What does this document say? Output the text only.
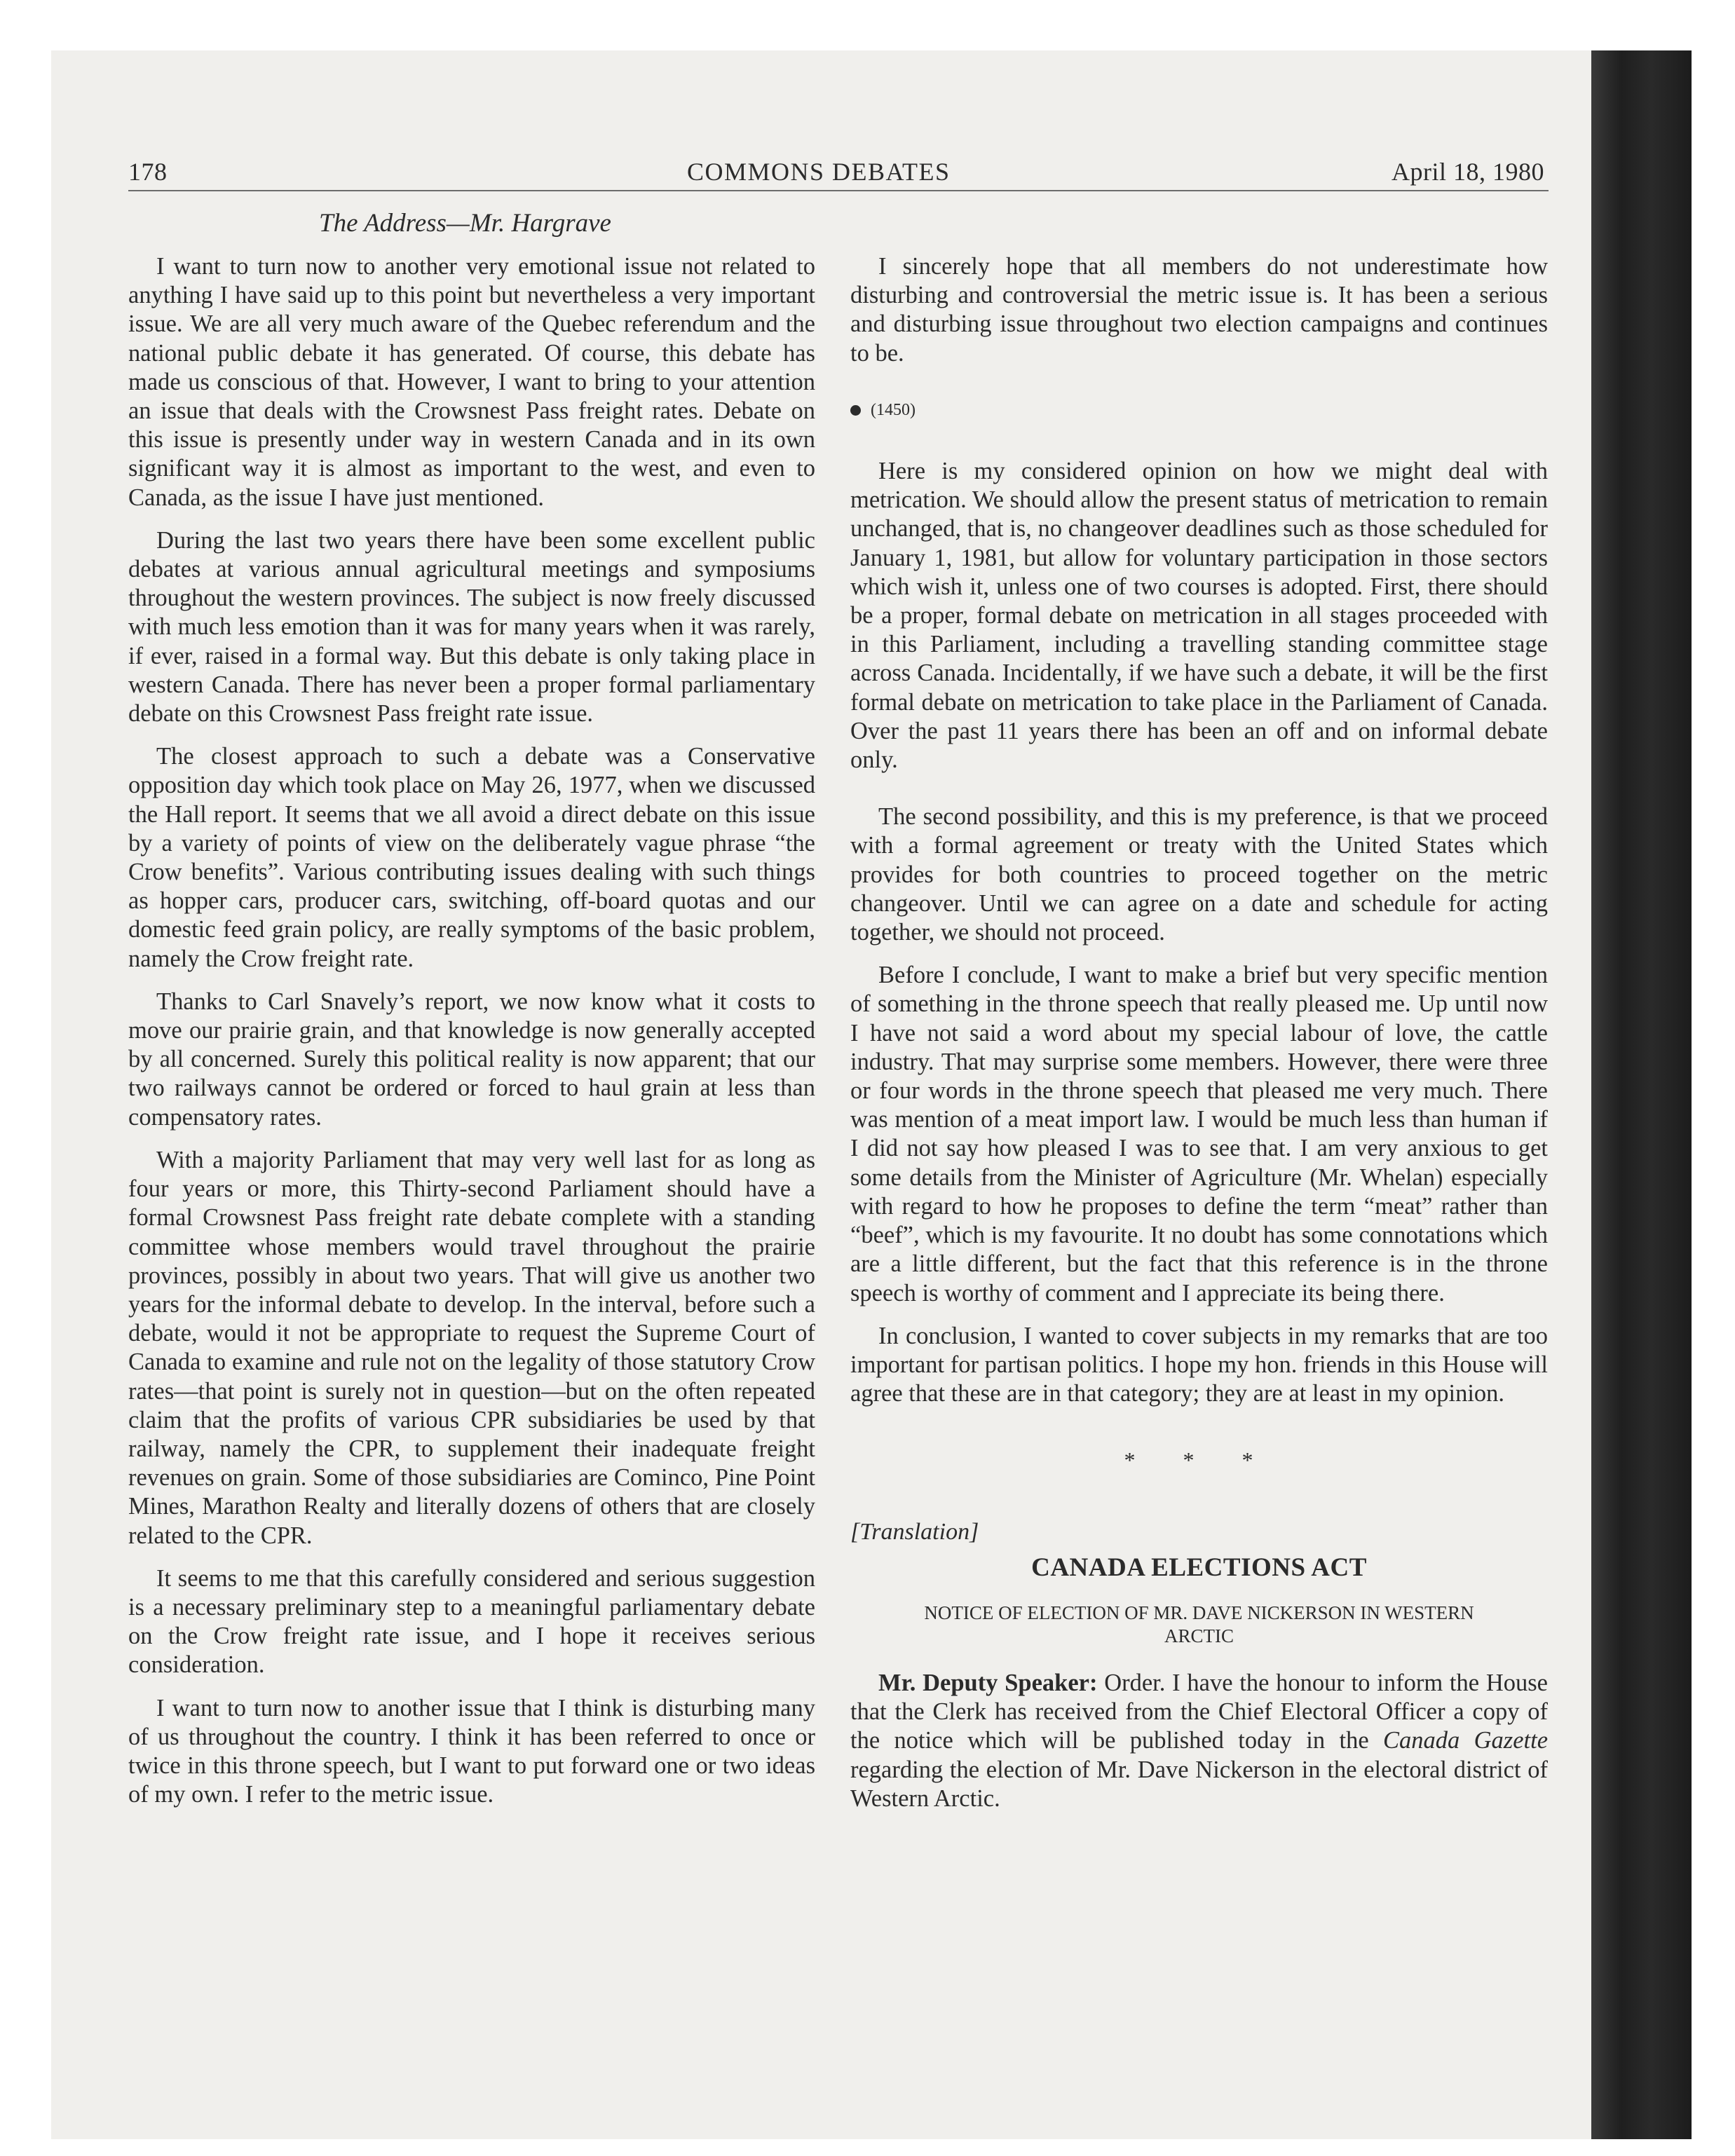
178	COMMONS DEBATES	April 18, 1980
The Address—Mr. Hargrave

I want to turn now to another very emotional issue not related to anything I have said up to this point but nevertheless a very important issue. We are all very much aware of the Quebec referendum and the national public debate it has generated. Of course, this debate has made us conscious of that. However, I want to bring to your attention an issue that deals with the Crowsnest Pass freight rates. Debate on this issue is presently under way in western Canada and in its own significant way it is almost as important to the west, and even to Canada, as the issue I have just mentioned.

During the last two years there have been some excellent public debates at various annual agricultural meetings and symposiums throughout the western provinces. The subject is now freely discussed with much less emotion than it was for many years when it was rarely, if ever, raised in a formal way. But this debate is only taking place in western Canada. There has never been a proper formal parliamentary debate on this Crowsnest Pass freight rate issue.

The closest approach to such a debate was a Conservative opposition day which took place on May 26, 1977, when we discussed the Hall report. It seems that we all avoid a direct debate on this issue by a variety of points of view on the deliberately vague phrase “the Crow benefits”. Various contributing issues dealing with such things as hopper cars, producer cars, switching, off-board quotas and our domestic feed grain policy, are really symptoms of the basic problem, namely the Crow freight rate.

Thanks to Carl Snavely’s report, we now know what it costs to move our prairie grain, and that knowledge is now generally accepted by all concerned. Surely this political reality is now apparent; that our two railways cannot be ordered or forced to haul grain at less than compensatory rates.

With a majority Parliament that may very well last for as long as four years or more, this Thirty-second Parliament should have a formal Crowsnest Pass freight rate debate complete with a standing committee whose members would travel throughout the prairie provinces, possibly in about two years. That will give us another two years for the informal debate to develop. In the interval, before such a debate, would it not be appropriate to request the Supreme Court of Canada to examine and rule not on the legality of those statutory Crow rates—that point is surely not in question—but on the often repeated claim that the profits of various CPR subsidiaries be used by that railway, namely the CPR, to supplement their inadequate freight revenues on grain. Some of those subsidiaries are Cominco, Pine Point Mines, Marathon Realty and literally dozens of others that are closely related to the CPR.

It seems to me that this carefully considered and serious suggestion is a necessary preliminary step to a meaningful parliamentary debate on the Crow freight rate issue, and I hope it receives serious consideration.

I want to turn now to another issue that I think is disturbing many of us throughout the country. I think it has been referred to once or twice in this throne speech, but I want to put forward one or two ideas of my own. I refer to the metric issue.

I sincerely hope that all members do not underestimate how disturbing and controversial the metric issue is. It has been a serious and disturbing issue throughout two election campaigns and continues to be.

(1450)

Here is my considered opinion on how we might deal with metrication. We should allow the present status of metrication to remain unchanged, that is, no changeover deadlines such as those scheduled for January 1, 1981, but allow for voluntary participation in those sectors which wish it, unless one of two courses is adopted. First, there should be a proper, formal debate on metrication in all stages proceeded with in this Parliament, including a travelling standing committee stage across Canada. Incidentally, if we have such a debate, it will be the first formal debate on metrication to take place in the Parliament of Canada. Over the past 11 years there has been an off and on informal debate only.

The second possibility, and this is my preference, is that we proceed with a formal agreement or treaty with the United States which provides for both countries to proceed together on the metric changeover. Until we can agree on a date and schedule for acting together, we should not proceed.

Before I conclude, I want to make a brief but very specific mention of something in the throne speech that really pleased me. Up until now I have not said a word about my special labour of love, the cattle industry. That may surprise some members. However, there were three or four words in the throne speech that pleased me very much. There was mention of a meat import law. I would be much less than human if I did not say how pleased I was to see that. I am very anxious to get some details from the Minister of Agriculture (Mr. Whelan) especially with regard to how he proposes to define the term “meat” rather than “beef”, which is my favourite. It no doubt has some connotations which are a little different, but the fact that this reference is in the throne speech is worthy of comment and I appreciate its being there.

In conclusion, I wanted to cover subjects in my remarks that are too important for partisan politics. I hope my hon. friends in this House will agree that these are in that category; they are at least in my opinion.

* * *
[Translation]
CANADA ELECTIONS ACT
NOTICE OF ELECTION OF MR. DAVE NICKERSON IN WESTERN ARCTIC

Mr. Deputy Speaker: Order. I have the honour to inform the House that the Clerk has received from the Chief Electoral Officer a copy of the notice which will be published today in the Canada Gazette regarding the election of Mr. Dave Nickerson in the electoral district of Western Arctic.
